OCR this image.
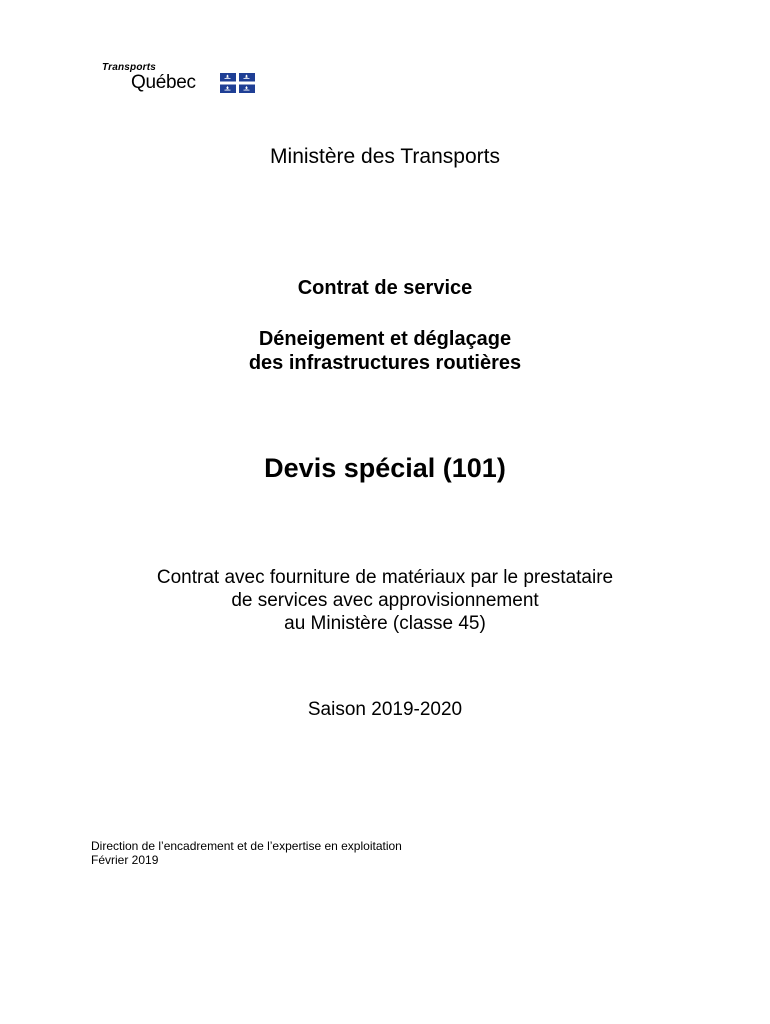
Transports
Québec
Ministère des Transports
Contrat de service
Déneigement et déglaçage
des infrastructures routières
Devis spécial (101)
Contrat avec fourniture de matériaux par le prestataire
de services avec approvisionnement
au Ministère (classe 45)
Saison 2019-2020
Direction de l’encadrement et de l’expertise en exploitation
Février 2019
